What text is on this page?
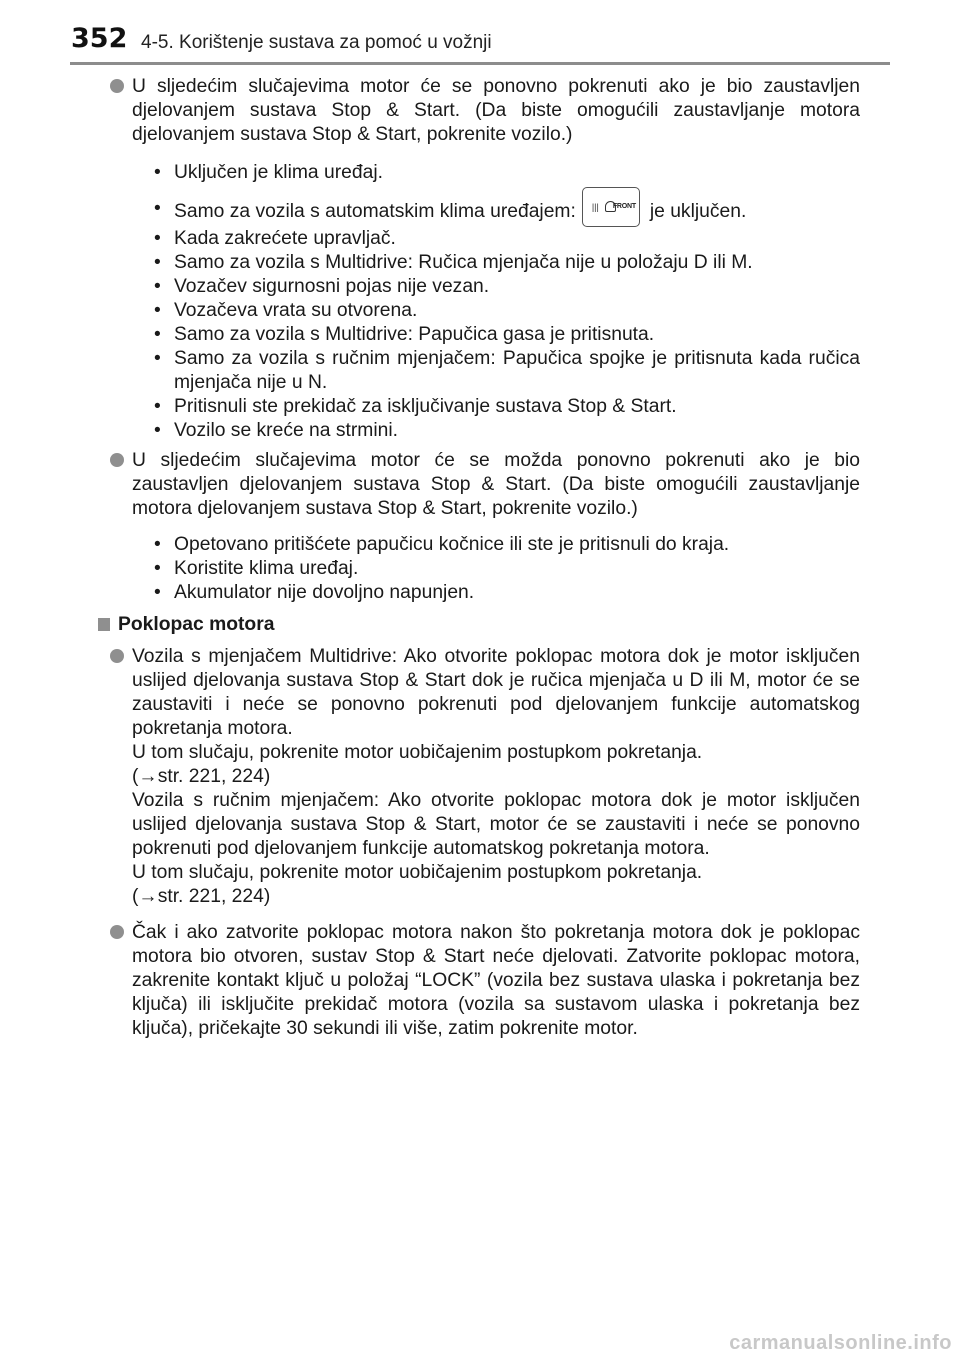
352 4-5. Korištenje sustava za pomoć u vožnji
U sljedećim slučajevima motor će se ponovno pokrenuti ako je bio zaustavljen djelovanjem sustava Stop & Start. (Da biste omogućili zaustavljanje motora djelovanjem sustava Stop & Start, pokrenite vozilo.)
• Uključen je klima uređaj.
• Samo za vozila s automatskim klima uređajem: ||| FRONT je uključen.
• Kada zakrećete upravljač.
• Samo za vozila s Multidrive: Ručica mjenjača nije u položaju D ili M.
• Vozačev sigurnosni pojas nije vezan.
• Vozačeva vrata su otvorena.
• Samo za vozila s Multidrive: Papučica gasa je pritisnuta.
• Samo za vozila s ručnim mjenjačem: Papučica spojke je pritisnuta kada ručica mjenjača nije u N.
• Pritisnuli ste prekidač za isključivanje sustava Stop & Start.
• Vozilo se kreće na strmini.
U sljedećim slučajevima motor će se možda ponovno pokrenuti ako je bio zaustavljen djelovanjem sustava Stop & Start. (Da biste omogućili zaustavljanje motora djelovanjem sustava Stop & Start, pokrenite vozilo.)
• Opetovano pritišćete papučicu kočnice ili ste je pritisnuli do kraja.
• Koristite klima uređaj.
• Akumulator nije dovoljno napunjen.
Poklopac motora
Vozila s mjenjačem Multidrive: Ako otvorite poklopac motora dok je motor isključen uslijed djelovanja sustava Stop & Start dok je ručica mjenjača u D ili M, motor će se zaustaviti i neće se ponovno pokrenuti pod djelovanjem funkcije automatskog pokretanja motora.
U tom slučaju, pokrenite motor uobičajenim postupkom pokretanja.
(→str. 221, 224)
Vozila s ručnim mjenjačem: Ako otvorite poklopac motora dok je motor isključen uslijed djelovanja sustava Stop & Start, motor će se zaustaviti i neće se ponovno pokrenuti pod djelovanjem funkcije automatskog pokretanja motora.
U tom slučaju, pokrenite motor uobičajenim postupkom pokretanja.
(→str. 221, 224)
Čak i ako zatvorite poklopac motora nakon što pokretanja motora dok je poklopac motora bio otvoren, sustav Stop & Start neće djelovati. Zatvorite poklopac motora, zakrenite kontakt ključ u položaj “LOCK” (vozila bez sustava ulaska i pokretanja bez ključa) ili isključite prekidač motora (vozila sa sustavom ulaska i pokretanja bez ključa), pričekajte 30 sekundi ili više, zatim pokrenite motor.
carmanualsonline.info
